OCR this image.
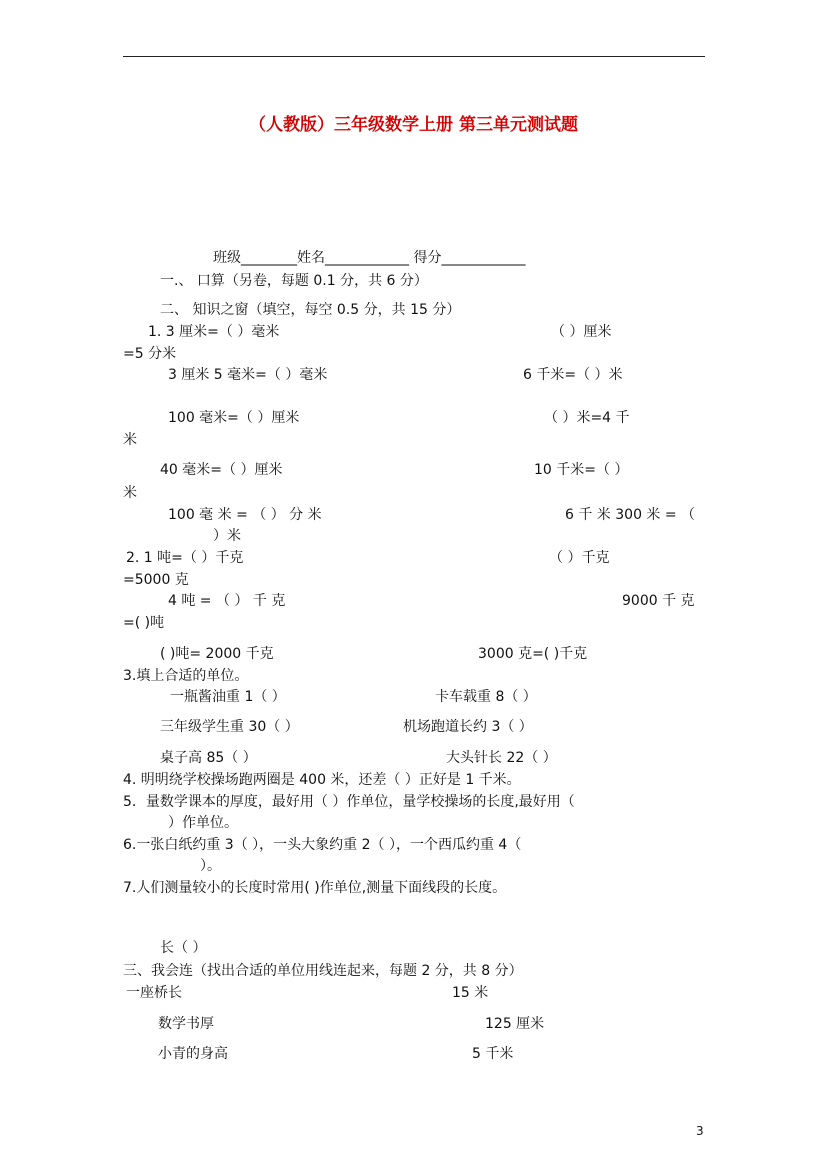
（人教版）三年级数学上册 第三单元测试题
班级________姓名____________ 得分____________
一.、 口算（另卷，每题 0.1 分，共 6 分）
二、 知识之窗（填空，每空 0.5 分，共 15 分）
1. 3 厘米=（ ）毫米	（ ）厘米
=5 分米
3 厘米 5 毫米=（ ）毫米	6 千米=（ ）米
100 毫米=（ ）厘米	（ ）米=4 千
米
40 毫米=（ ）厘米	10 千米=（ ）
米
100 毫 米 = （ ） 分 米	6 千 米 300 米 = （
）米
2. 1 吨=（ ）千克	（ ）千克
=5000 克
4 吨 = （ ） 千 克	9000 千 克
=( )吨
( )吨= 2000 千克	3000 克=( )千克
3.填上合适的单位。
一瓶酱油重 1（ ）	卡车载重 8（ ）
三年级学生重 30（ ）	机场跑道长约 3（ ）
桌子高 85（ ）	大头针长 22（ ）
4. 明明绕学校操场跑两圈是 400 米，还差（ ）正好是 1 千米。
5．量数学课本的厚度，最好用（ ）作单位，量学校操场的长度,最好用（
）作单位。
6.一张白纸约重 3（ ），一头大象约重 2（ ），一个西瓜约重 4（
）。
7.人们测量较小的长度时常用( )作单位,测量下面线段的长度。
长（ ）
三、我会连（找出合适的单位用线连起来，每题 2 分，共 8 分）
一座桥长	15 米
数学书厚	125 厘米
小青的身高	5 千米
3
